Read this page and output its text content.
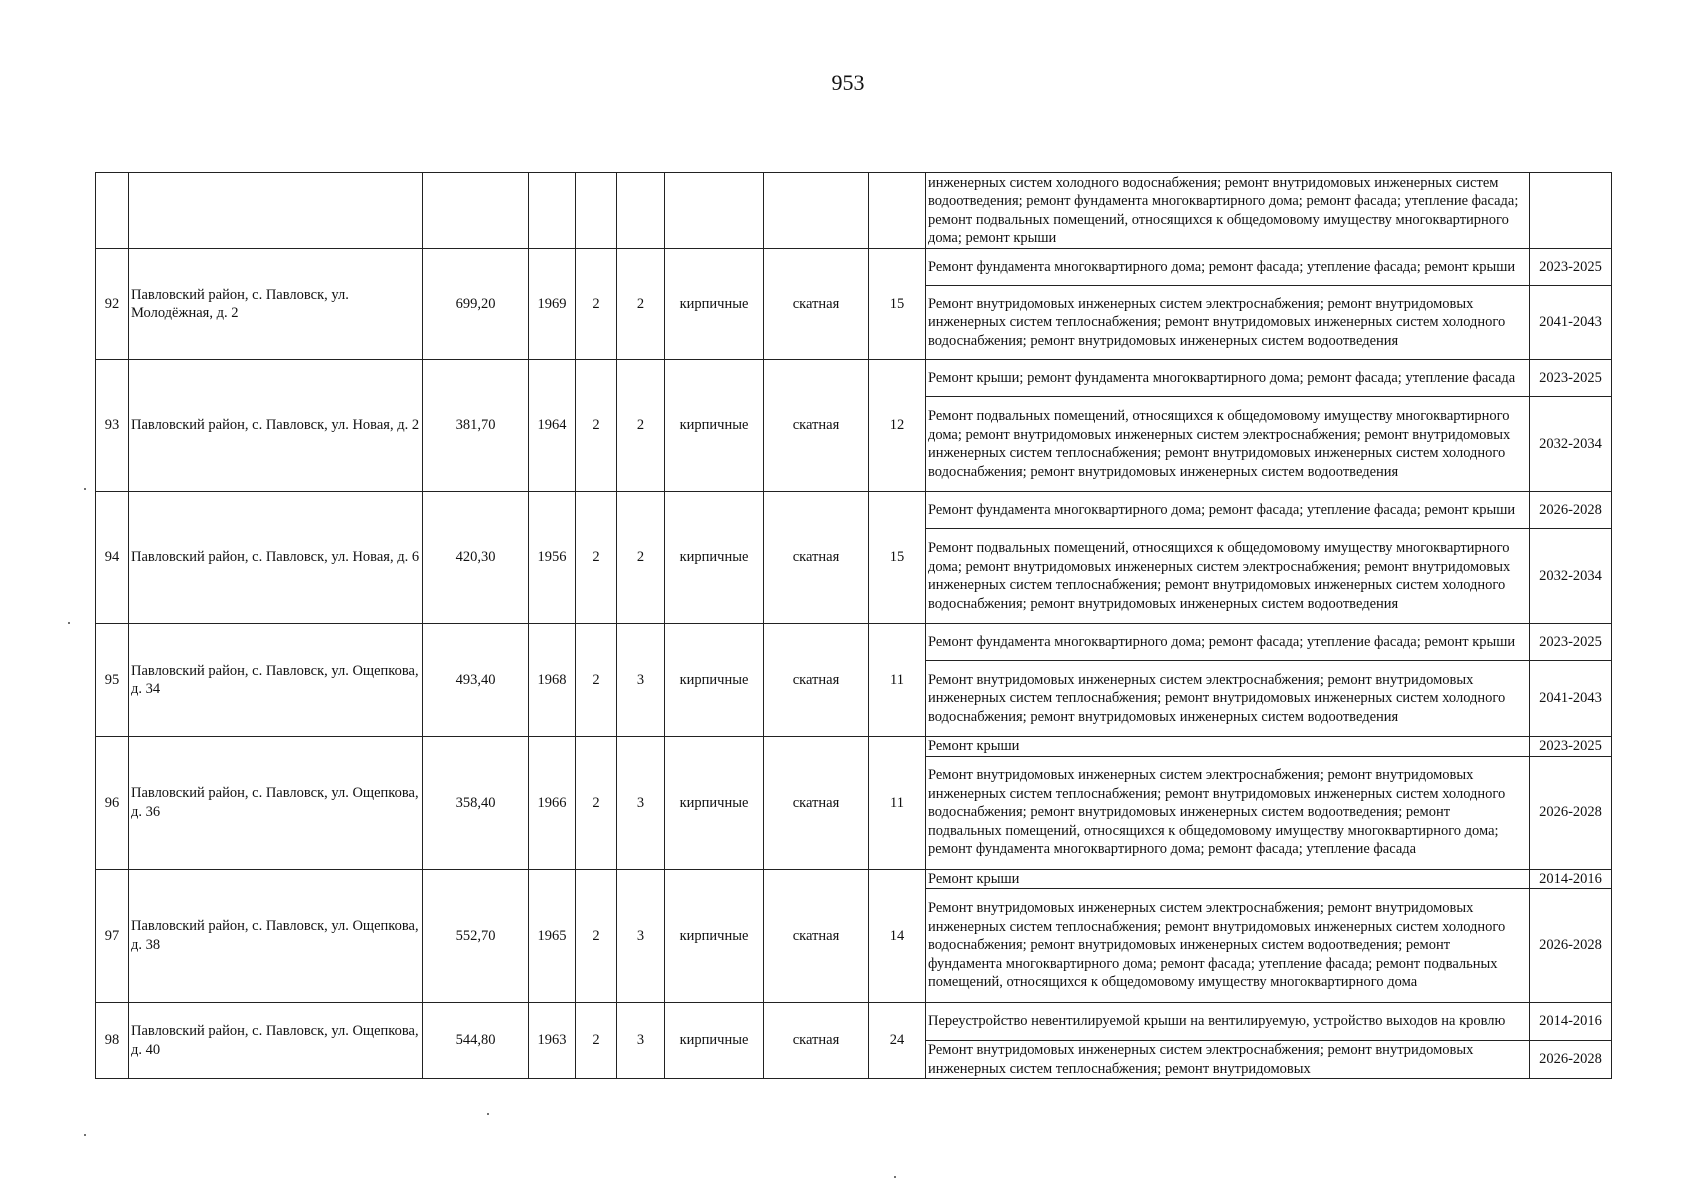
953
									инженерных систем холодного водоснабжения; ремонт внутридомовых инженерных систем водоотведения; ремонт фундамента многоквартирного дома; ремонт фасада; утепление фасада; ремонт подвальных помещений, относящихся к общедомовому имуществу многоквартирного дома; ремонт крыши	
92	Павловский район, с. Павловск, ул. Молодёжная, д. 2	699,20	1969	2	2	кирпичные	скатная	15	Ремонт фундамента многоквартирного дома; ремонт фасада; утепление фасада; ремонт крыши	2023-2025
									Ремонт внутридомовых инженерных систем электроснабжения; ремонт внутридомовых инженерных систем теплоснабжения; ремонт внутридомовых инженерных систем холодного водоснабжения; ремонт внутридомовых инженерных систем водоотведения	2041-2043
93	Павловский район, с. Павловск, ул. Новая, д. 2	381,70	1964	2	2	кирпичные	скатная	12	Ремонт крыши; ремонт фундамента многоквартирного дома; ремонт фасада; утепление фасада	2023-2025
									Ремонт подвальных помещений, относящихся к общедомовому имуществу многоквартирного дома; ремонт внутридомовых инженерных систем электроснабжения; ремонт внутридомовых инженерных систем теплоснабжения; ремонт внутридомовых инженерных систем холодного водоснабжения; ремонт внутридомовых инженерных систем водоотведения	2032-2034
94	Павловский район, с. Павловск, ул. Новая, д. 6	420,30	1956	2	2	кирпичные	скатная	15	Ремонт фундамента многоквартирного дома; ремонт фасада; утепление фасада; ремонт крыши	2026-2028
									Ремонт подвальных помещений, относящихся к общедомовому имуществу многоквартирного дома; ремонт внутридомовых инженерных систем электроснабжения; ремонт внутридомовых инженерных систем теплоснабжения; ремонт внутридомовых инженерных систем холодного водоснабжения; ремонт внутридомовых инженерных систем водоотведения	2032-2034
95	Павловский район, с. Павловск, ул. Ощепкова, д. 34	493,40	1968	2	3	кирпичные	скатная	11	Ремонт фундамента многоквартирного дома; ремонт фасада; утепление фасада; ремонт крыши	2023-2025
									Ремонт внутридомовых инженерных систем электроснабжения; ремонт внутридомовых инженерных систем теплоснабжения; ремонт внутридомовых инженерных систем холодного водоснабжения; ремонт внутридомовых инженерных систем водоотведения	2041-2043
96	Павловский район, с. Павловск, ул. Ощепкова, д. 36	358,40	1966	2	3	кирпичные	скатная	11	Ремонт крыши	2023-2025
									Ремонт внутридомовых инженерных систем электроснабжения; ремонт внутридомовых инженерных систем теплоснабжения; ремонт внутридомовых инженерных систем холодного водоснабжения; ремонт внутридомовых инженерных систем водоотведения; ремонт подвальных помещений, относящихся к общедомовому имуществу многоквартирного дома; ремонт фундамента многоквартирного дома; ремонт фасада; утепление фасада	2026-2028
97	Павловский район, с. Павловск, ул. Ощепкова, д. 38	552,70	1965	2	3	кирпичные	скатная	14	Ремонт крыши	2014-2016
									Ремонт внутридомовых инженерных систем электроснабжения; ремонт внутридомовых инженерных систем теплоснабжения; ремонт внутридомовых инженерных систем холодного водоснабжения; ремонт внутридомовых инженерных систем водоотведения; ремонт фундамента многоквартирного дома; ремонт фасада; утепление фасада; ремонт подвальных помещений, относящихся к общедомовому имуществу многоквартирного дома	2026-2028
98	Павловский район, с. Павловск, ул. Ощепкова, д. 40	544,80	1963	2	3	кирпичные	скатная	24	Переустройство невентилируемой крыши на вентилируемую, устройство выходов на кровлю	2014-2016
									Ремонт внутридомовых инженерных систем электроснабжения; ремонт внутридомовых инженерных систем теплоснабжения; ремонт внутридомовых	2026-2028
